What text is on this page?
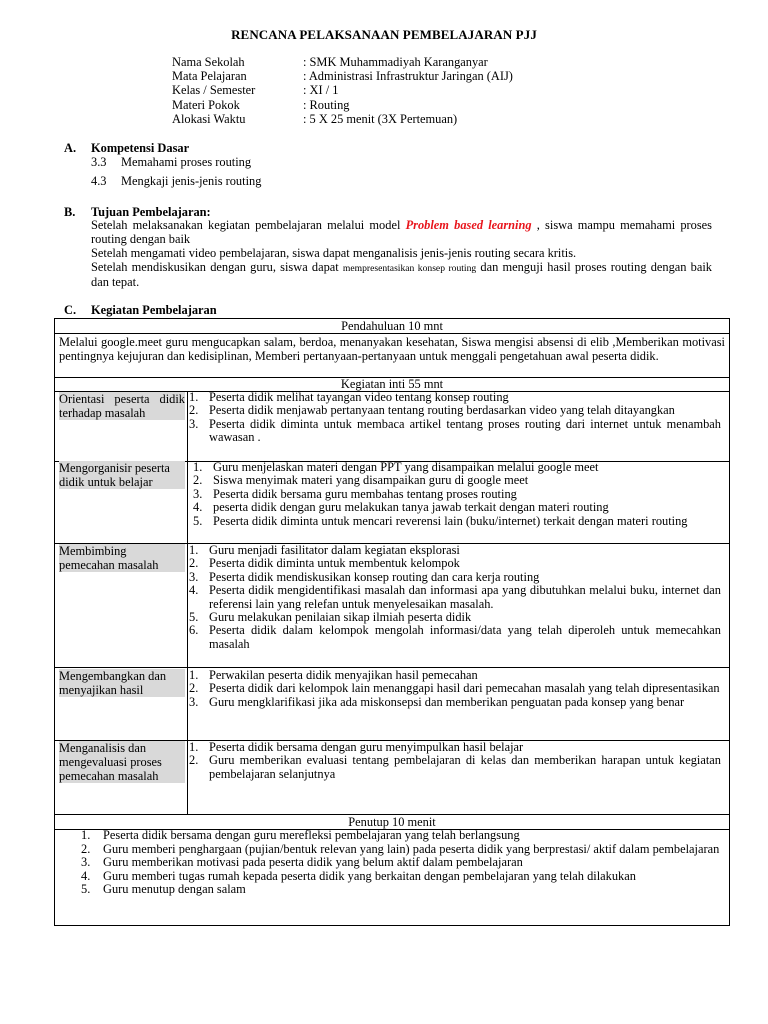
RENCANA PELAKSANAAN PEMBELAJARAN PJJ
Nama Sekolah	: SMK Muhammadiyah Karanganyar
Mata Pelajaran	: Administrasi Infrastruktur Jaringan (AIJ)
Kelas / Semester	: XI / 1
Materi Pokok	: Routing
Alokasi Waktu	: 5 X 25 menit (3X Pertemuan)
A. Kompetensi Dasar
3.3 Memahami proses routing
4.3 Mengkaji jenis-jenis routing
B. Tujuan Pembelajaran:
Setelah melaksanakan kegiatan pembelajaran melalui model Problem based learning , siswa mampu memahami proses routing dengan baik
Setelah mengamati video pembelajaran, siswa dapat menganalisis jenis-jenis routing secara kritis.
Setelah mendiskusikan dengan guru, siswa dapat mempresentasikan konsep routing dan menguji hasil proses routing dengan baik dan tepat.
C. Kegiatan Pembelajaran
Pendahuluan 10 mnt
Melalui google.meet guru mengucapkan salam, berdoa, menanyakan kesehatan, Siswa mengisi absensi di elib ,Memberikan motivasi pentingnya kejujuran dan kedisiplinan, Memberi pertanyaan-pertanyaan untuk menggali pengetahuan awal peserta didik.
Kegiatan inti 55 mnt
Orientasi peserta didik terhadap masalah
1. Peserta didik melihat tayangan video tentang konsep routing
2. Peserta didik menjawab pertanyaan tentang routing berdasarkan video yang telah ditayangkan
3. Peserta didik diminta untuk membaca artikel tentang proses routing dari internet untuk menambah wawasan .
Mengorganisir peserta didik untuk belajar
1. Guru menjelaskan materi dengan PPT yang disampaikan melalui google meet
2. Siswa menyimak materi yang disampaikan guru di google meet
3. Peserta didik bersama guru membahas tentang proses routing
4. peserta didik dengan guru melakukan tanya jawab terkait dengan materi routing
5. Peserta didik diminta untuk mencari reverensi lain (buku/internet) terkait dengan materi routing
Membimbing pemecahan masalah
1. Guru menjadi fasilitator dalam kegiatan eksplorasi
2. Peserta didik diminta untuk membentuk kelompok
3. Peserta didik mendiskusikan konsep routing dan cara kerja routing
4. Peserta didik mengidentifikasi masalah dan informasi apa yang dibutuhkan melalui buku, internet dan referensi lain yang relefan untuk menyelesaikan masalah.
5. Guru melakukan penilaian sikap ilmiah peserta didik
6. Peserta didik dalam kelompok mengolah informasi/data yang telah diperoleh untuk memecahkan masalah
Mengembangkan dan menyajikan hasil
1. Perwakilan peserta didik menyajikan hasil pemecahan
2. Peserta didik dari kelompok lain menanggapi hasil dari pemecahan masalah yang telah dipresentasikan
3. Guru mengklarifikasi jika ada miskonsepsi dan memberikan penguatan pada konsep yang benar
Menganalisis dan mengevaluasi proses pemecahan masalah
1. Peserta didik bersama dengan guru menyimpulkan hasil belajar
2. Guru memberikan evaluasi tentang pembelajaran di kelas dan memberikan harapan untuk kegiatan pembelajaran selanjutnya
Penutup 10 menit
1. Peserta didik bersama dengan guru merefleksi pembelajaran yang telah berlangsung
2. Guru memberi penghargaan (pujian/bentuk relevan yang lain) pada peserta didik yang berprestasi/ aktif dalam pembelajaran
3. Guru memberikan motivasi pada peserta didik yang belum aktif dalam pembelajaran
4. Guru memberi tugas rumah kepada peserta didik yang berkaitan dengan pembelajaran yang telah dilakukan
5. Guru menutup dengan salam
